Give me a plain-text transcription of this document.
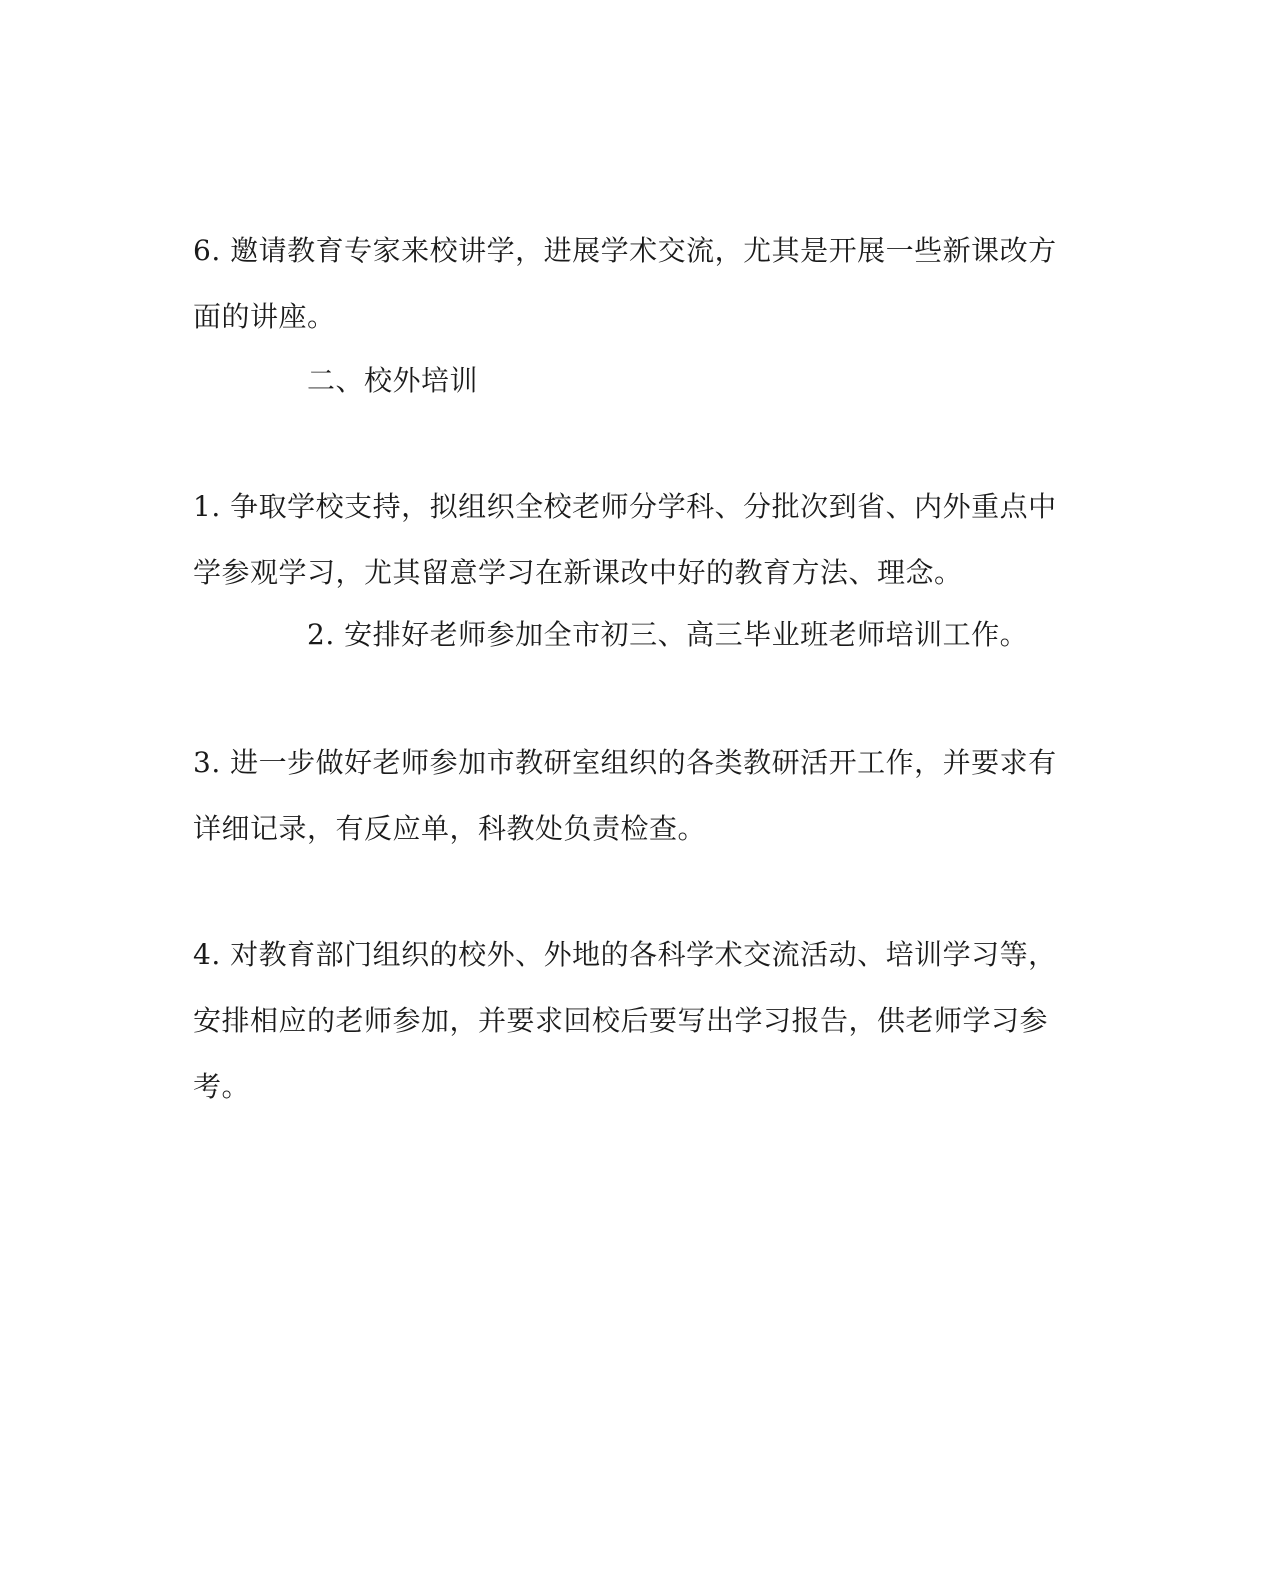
6. 邀请教育专家来校讲学，进展学术交流，尤其是开展一些新课改方面的讲座。

二、校外培训

1. 争取学校支持，拟组织全校老师分学科、分批次到省、内外重点中学参观学习，尤其留意学习在新课改中好的教育方法、理念。

2. 安排好老师参加全市初三、高三毕业班老师培训工作。

3. 进一步做好老师参加市教研室组织的各类教研活开工作，并要求有详细记录，有反应单，科教处负责检查。

4. 对教育部门组织的校外、外地的各科学术交流活动、培训学习等，安排相应的老师参加，并要求回校后要写出学习报告，供老师学习参考。
